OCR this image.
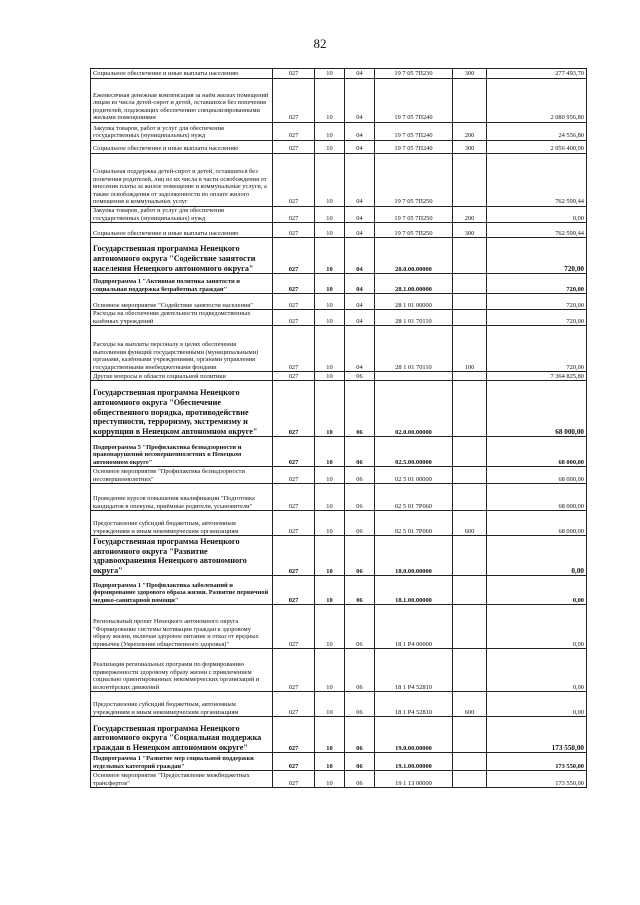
82
Социальное обеспечение и иные выплаты населению	027	10	04	19 7 05 7П230	300	277 493,70
Ежемесячная денежная компенсация за наём жилых помещений лицам из числа детей-сирот и детей, оставшихся без попечения родителей, подлежащих обеспечению специализированными жилыми помещениями	027	10	04	19 7 05 7П240		2 080 956,80
Закупка товаров, работ и услуг для обеспечения государственных (муниципальных) нужд	027	10	04	19 7 05 7П240	200	24 556,80
Социальное обеспечение и иные выплаты населению	027	10	04	19 7 05 7П240	300	2 056 400,00
Социальная поддержка детей-сирот и детей, оставшихся без попечения родителей, лиц из их числа в части освобождения от внесения платы за жилое помещение и коммунальные услуги, а также освобождения от задолженности по оплате жилого помещения и коммунальных услуг	027	10	04	19 7 05 7П250		762 599,44
Закупка товаров, работ и услуг для обеспечения государственных (муниципальных) нужд	027	10	04	19 7 05 7П250	200	0,00
Социальное обеспечение и иные выплаты населению	027	10	04	19 7 05 7П250	300	762 599,44
Государственная программа Ненецкого автономного округа "Содействие занятости населения Ненецкого автономного округа"	027	10	04	28.0.00.00000		720,00
Подпрограмма 1 "Активная политика занятости и социальная поддержка безработных граждан"	027	10	04	28.1.00.00000		720,00
Основное мероприятие "Содействие занятости населения"	027	10	04	28 1 01 00000		720,00
Расходы на обеспечение деятельности подведомственных казённых учреждений	027	10	04	28 1 01 70110		720,00
Расходы на выплаты персоналу в целях обеспечения выполнения функций государственными (муниципальными) органами, казёнными учреждениями, органами управления государственными внебюджетными фондами	027	10	04	28 1 01 70110	100	720,00
Другие вопросы в области социальной политики	027	10	06			7 364 825,80
Государственная программа Ненецкого автономного округа "Обеспечение общественного порядка, противодействие преступности, терроризму, экстремизму и коррупции в Ненецком автономном округе"	027	10	06	02.0.00.00000		68 000,00
Подпрограмма 5 "Профилактика безнадзорности и правонарушений несовершеннолетних в Ненецком автономном округе"	027	10	06	02.5.00.00000		68 000,00
Основное мероприятие "Профилактика безнадзорности несовершеннолетних"	027	10	06	02 5 01 00000		68 000,00
Проведение курсов повышения квалификации "Подготовка кандидатов в опекуны, приёмные родители, усыновители"	027	10	06	02 5 01 7Р060		68 000,00
Предоставление субсидий бюджетным, автономным учреждениям и иным некоммерческим организациям	027	10	06	02 5 01 7Р060	600	68 000,00
Государственная программа Ненецкого автономного округа "Развитие здравоохранения Ненецкого автономного округа"	027	10	06	18.0.00.00000		0,00
Подпрограмма 1 "Профилактика заболеваний и формирование здорового образа жизни. Развитие первичной медико-санитарной помощи"	027	10	06	18.1.00.00000		0,00
Региональный проект Ненецкого автономного округа "Формирование системы мотивации граждан к здоровому образу жизни, включая здоровое питание и отказ от вредных привычек (Укрепление общественного здоровья)"	027	10	06	18 1 Р4 00000		0,00
Реализация региональных программ по формированию приверженности здоровому образу жизни с привлечением социально ориентированных некоммерческих организаций и волонтёрских движений	027	10	06	18 1 Р4 52810		0,00
Предоставление субсидий бюджетным, автономным учреждениям и иным некоммерческим организациям	027	10	06	18 1 Р4 52810	600	0,00
Государственная программа Ненецкого автономного округа "Социальная поддержка граждан в Ненецком автономном округе"	027	10	06	19.0.00.00000		173 550,00
Подпрограмма 1 "Развитие мер социальной поддержки отдельных категорий граждан"	027	10	06	19.1.00.00000		173 550,00
Основное мероприятие "Предоставление межбюджетных трансфертов"	027	10	06	19 1 13 00000		173 550,00
